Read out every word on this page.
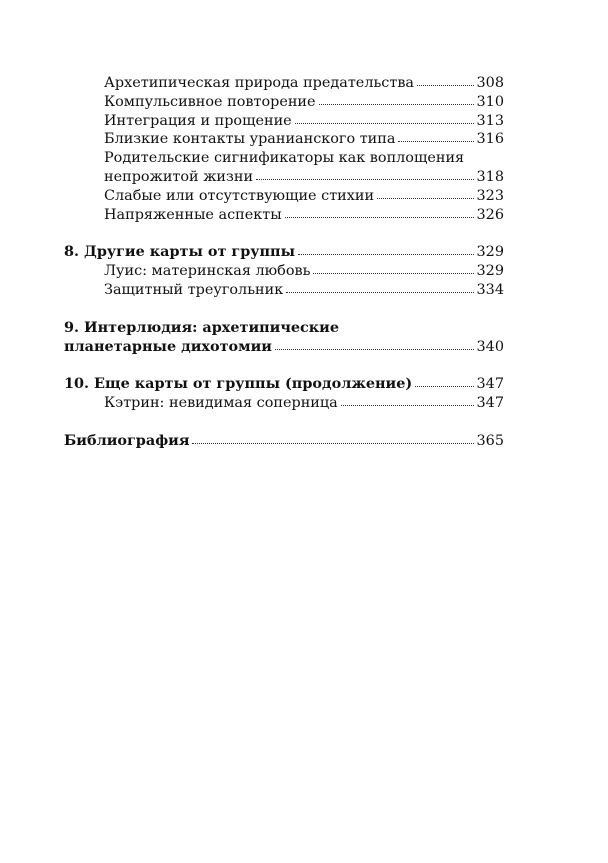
Архетипическая природа предательства	308
Компульсивное повторение	310
Интеграция и прощение	313
Близкие контакты уранианского типа	316
Родительские сигнификаторы как воплощения
непрожитой жизни	318
Слабые или отсутствующие стихии	323
Напряженные аспекты	326
8. Другие карты от группы	329
Луис: материнская любовь	329
Защитный треугольник	334
9. Интерлюдия: архетипические
планетарные дихотомии	340
10. Еще карты от группы (продолжение)	347
Кэтрин: невидимая соперница	347
Библиография	365
